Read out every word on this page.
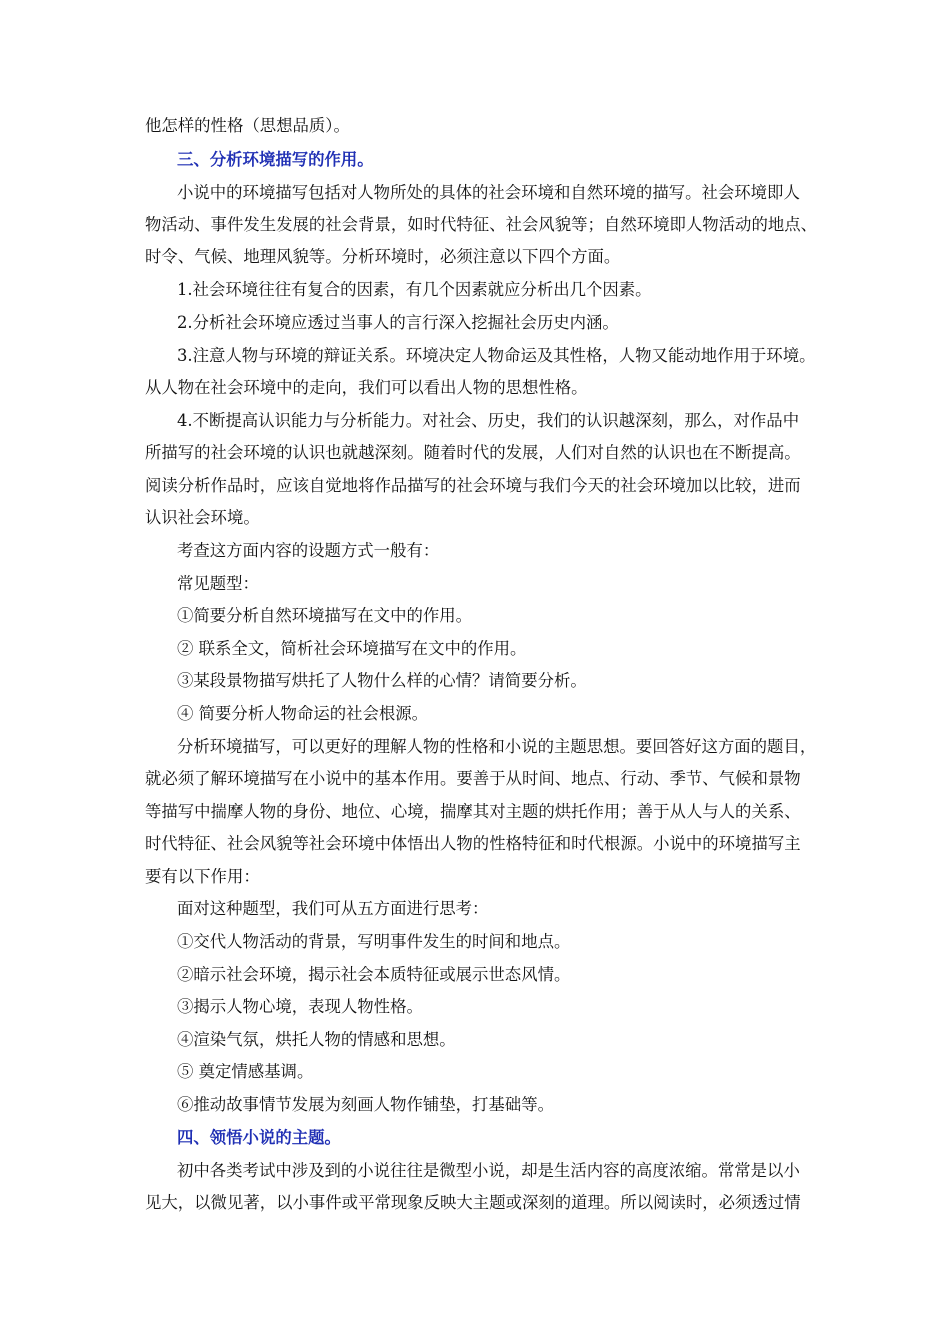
他怎样的性格（思想品质）。
三、分析环境描写的作用。
小说中的环境描写包括对人物所处的具体的社会环境和自然环境的描写。社会环境即人
物活动、事件发生发展的社会背景，如时代特征、社会风貌等；自然环境即人物活动的地点、
时令、气候、地理风貌等。分析环境时，必须注意以下四个方面。
1.社会环境往往有复合的因素，有几个因素就应分析出几个因素。
2.分析社会环境应透过当事人的言行深入挖掘社会历史内涵。
3.注意人物与环境的辩证关系。环境决定人物命运及其性格，人物又能动地作用于环境。
从人物在社会环境中的走向，我们可以看出人物的思想性格。
4.不断提高认识能力与分析能力。对社会、历史，我们的认识越深刻，那么，对作品中
所描写的社会环境的认识也就越深刻。随着时代的发展，人们对自然的认识也在不断提高。
阅读分析作品时，应该自觉地将作品描写的社会环境与我们今天的社会环境加以比较，进而
认识社会环境。
考查这方面内容的设题方式一般有：
常见题型：
①简要分析自然环境描写在文中的作用。
② 联系全文，简析社会环境描写在文中的作用。
③某段景物描写烘托了人物什么样的心情？请简要分析。
④ 简要分析人物命运的社会根源。
分析环境描写，可以更好的理解人物的性格和小说的主题思想。要回答好这方面的题目，
就必须了解环境描写在小说中的基本作用。要善于从时间、地点、行动、季节、气候和景物
等描写中揣摩人物的身份、地位、心境，揣摩其对主题的烘托作用；善于从人与人的关系、
时代特征、社会风貌等社会环境中体悟出人物的性格特征和时代根源。小说中的环境描写主
要有以下作用：
面对这种题型，我们可从五方面进行思考：
①交代人物活动的背景，写明事件发生的时间和地点。
②暗示社会环境，揭示社会本质特征或展示世态风情。
③揭示人物心境，表现人物性格。
④渲染气氛，烘托人物的情感和思想。
⑤ 奠定情感基调。
⑥推动故事情节发展为刻画人物作铺垫，打基础等。
四、领悟小说的主题。
初中各类考试中涉及到的小说往往是微型小说，却是生活内容的高度浓缩。常常是以小
见大，以微见著，以小事件或平常现象反映大主题或深刻的道理。所以阅读时，必须透过情
